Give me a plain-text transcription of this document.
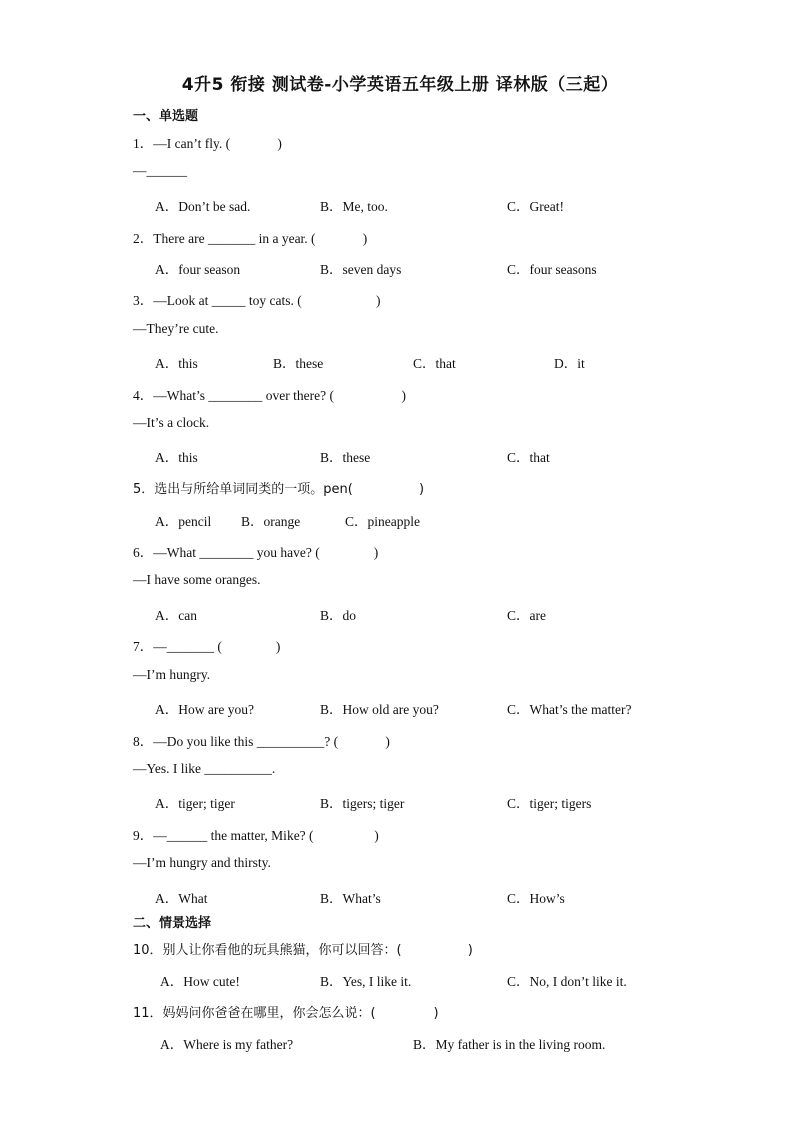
4升5 衔接 测试卷-小学英语五年级上册 译林版（三起）
一、单选题
1．—I can’t fly. (              )
—______
A．Don’t be sad.	B．Me, too.	C．Great!
2．There are _______ in a year. (              )
A．four season	B．seven days	C．four seasons
3．—Look at _____ toy cats. (                      )
—They’re cute.
A．this	B．these	C．that	D．it
4．—What’s ________ over there? (                    )
—It’s a clock.
A．this	B．these	C．that
5．选出与所给单词同类的一项。pen(                )
A．pencil B．orange	C．pineapple
6．—What ________ you have? (                )
—I have some oranges.
A．can	B．do	C．are
7．—_______ (                )
—I’m hungry.
A．How are you?	B．How old are you?	C．What’s the matter?
8．—Do you like this __________? (              )
—Yes. I like __________.
A．tiger; tiger	B．tigers; tiger	C．tiger; tigers
9．—______ the matter, Mike? (                  )
—I’m hungry and thirsty.
A．What	B．What’s	C．How’s
二、情景选择
10．别人让你看他的玩具熊猫，你可以回答：(                )
A．How cute!	B．Yes, I like it.	C．No, I don’t like it.
11．妈妈问你爸爸在哪里，你会怎么说：(              )
A．Where is my father?	B．My father is in the living room.
